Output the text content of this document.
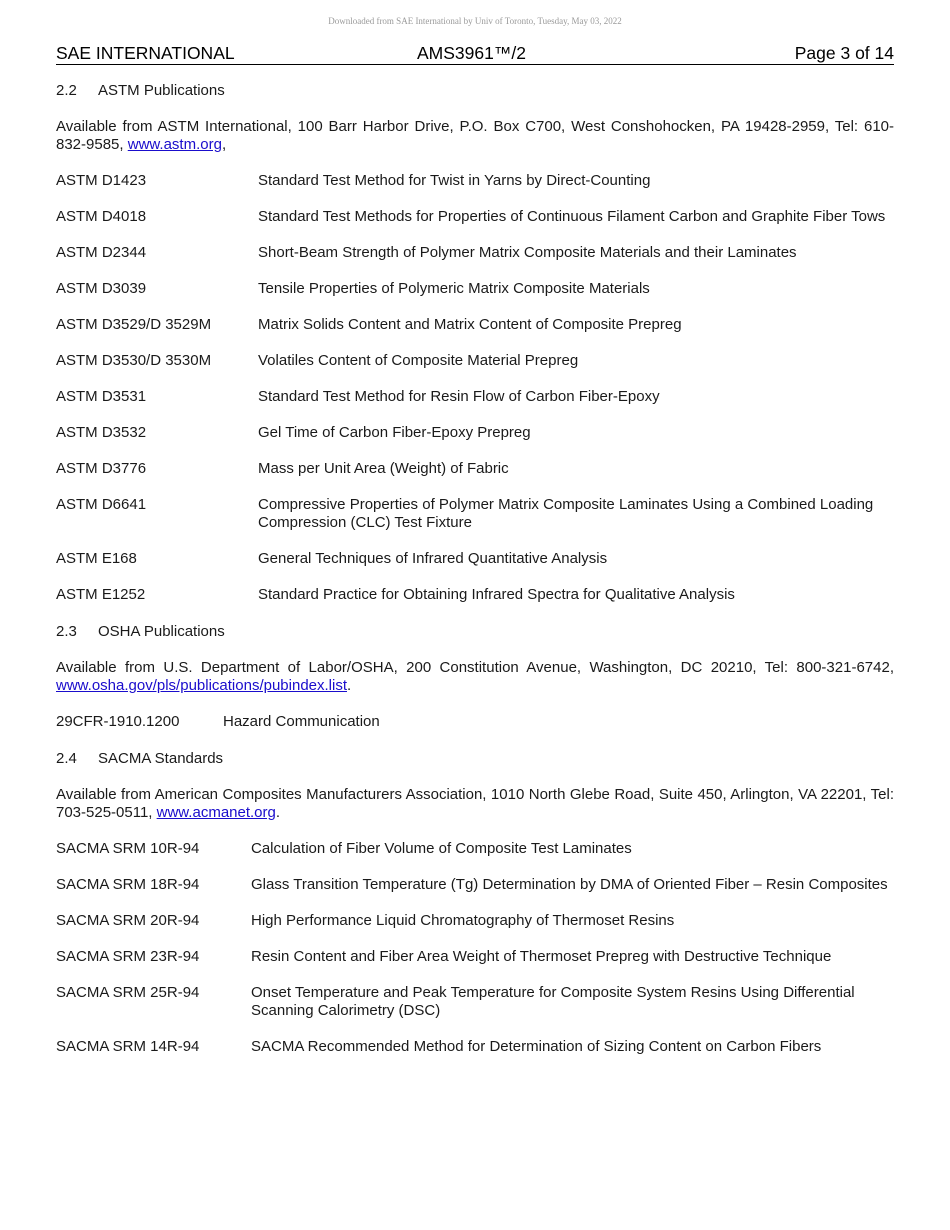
Downloaded from SAE International by Univ of Toronto, Tuesday, May 03, 2022
SAE INTERNATIONAL	AMS3961™/2	Page 3 of 14
2.2 ASTM Publications
Available from ASTM International, 100 Barr Harbor Drive, P.O. Box C700, West Conshohocken, PA 19428-2959, Tel: 610-832-9585, www.astm.org,
ASTM D1423	Standard Test Method for Twist in Yarns by Direct-Counting
ASTM D4018	Standard Test Methods for Properties of Continuous Filament Carbon and Graphite Fiber Tows
ASTM D2344	Short-Beam Strength of Polymer Matrix Composite Materials and their Laminates
ASTM D3039	Tensile Properties of Polymeric Matrix Composite Materials
ASTM D3529/D 3529M	Matrix Solids Content and Matrix Content of Composite Prepreg
ASTM D3530/D 3530M	Volatiles Content of Composite Material Prepreg
ASTM D3531	Standard Test Method for Resin Flow of Carbon Fiber-Epoxy
ASTM D3532	Gel Time of Carbon Fiber-Epoxy Prepreg
ASTM D3776	Mass per Unit Area (Weight) of Fabric
ASTM D6641	Compressive Properties of Polymer Matrix Composite Laminates Using a Combined Loading Compression (CLC) Test Fixture
ASTM E168	General Techniques of Infrared Quantitative Analysis
ASTM E1252	Standard Practice for Obtaining Infrared Spectra for Qualitative Analysis
2.3 OSHA Publications
Available from U.S. Department of Labor/OSHA, 200 Constitution Avenue, Washington, DC 20210, Tel: 800-321-6742, www.osha.gov/pls/publications/pubindex.list.
29CFR-1910.1200	Hazard Communication
2.4 SACMA Standards
Available from American Composites Manufacturers Association, 1010 North Glebe Road, Suite 450, Arlington, VA 22201, Tel: 703-525-0511, www.acmanet.org.
SACMA SRM 10R-94	Calculation of Fiber Volume of Composite Test Laminates
SACMA SRM 18R-94	Glass Transition Temperature (Tg) Determination by DMA of Oriented Fiber – Resin Composites
SACMA SRM 20R-94	High Performance Liquid Chromatography of Thermoset Resins
SACMA SRM 23R-94	Resin Content and Fiber Area Weight of Thermoset Prepreg with Destructive Technique
SACMA SRM 25R-94	Onset Temperature and Peak Temperature for Composite System Resins Using Differential Scanning Calorimetry (DSC)
SACMA SRM 14R-94	SACMA Recommended Method for Determination of Sizing Content on Carbon Fibers
